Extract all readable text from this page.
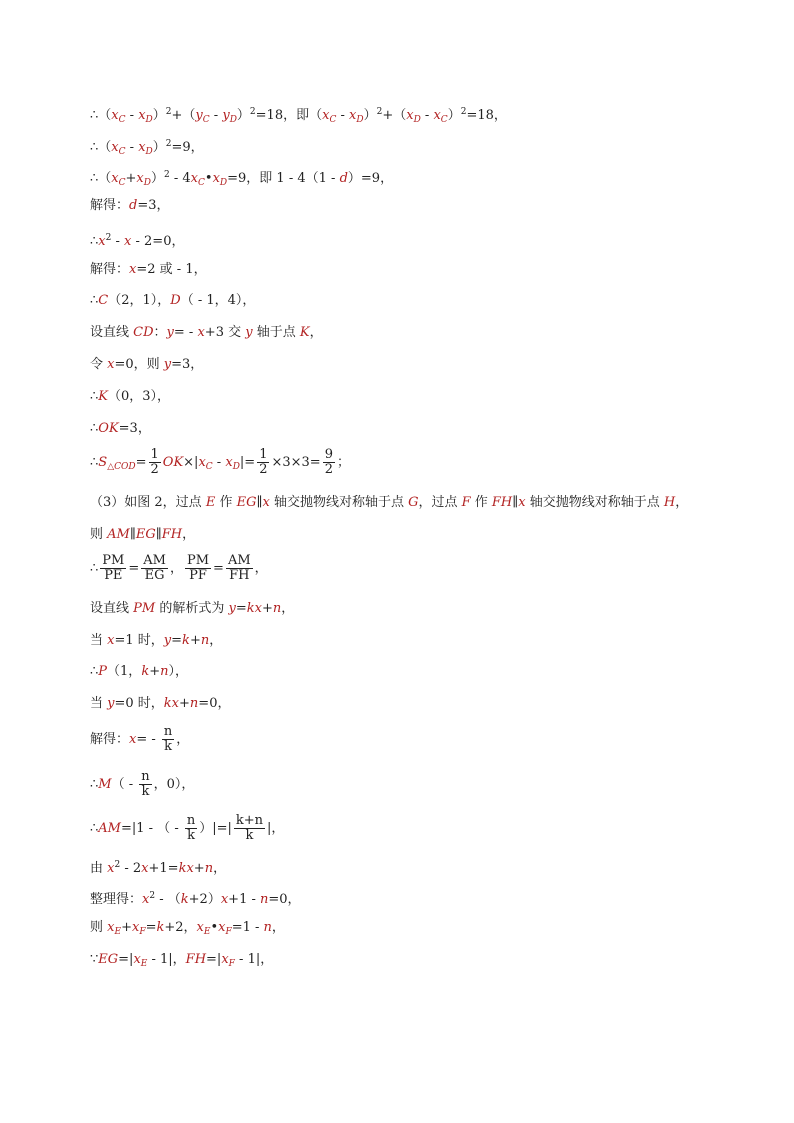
$\therefore(x_C - x_D)^2+(y_C - y_D)^2=18$，即$(x_C - x_D)^2+(x_D - x_C)^2=18$，
$\therefore(x_C - x_D)^2=9$，
$\therefore(x_C+x_D)^2$ - $4x_C•x_D=9$，即 1 - 4（1 - d）=9，
解得：d=3，
$\therefore x^2 - x - 2=0$，
解得：x=2 或 - 1，
∴C（2，1），D（ - 1，4），
设直线 CD：y= - x+3 交 y 轴于点 K，
令 x=0，则 y=3，
∴K（0，3），
∴OK=3，
$\therefore S_{\triangle COD}= \frac{1}{2} OK\times|x_C - x_D|= \frac{1}{2} \times 3\times 3= \frac{9}{2}$ ；
（3）如图 2，过点 E 作 EG∥x 轴交抛物线对称轴于点 G，过点 F 作 FH∥x 轴交抛物线对称轴于点 H，
则 AM∥EG∥FH，
∴ $\frac{PM}{PE} = \frac{AM}{EG}$ ， $\frac{PM}{PF} = \frac{AM}{FH}$ ，
设直线 PM 的解析式为 y=kx+n，
当 x=1 时，y=k+n，
∴P（1，k+n），
当 y=0 时，kx+n=0，
解得：$x= - \frac{n}{k}$ ，
∴M（ - $\frac{n}{k}$ ，0），
∴AM=|1 - （ - $\frac{n}{k}$ ）|=| $\frac{k+n}{k}$ |，
由 $x^2 - 2x+1=kx+n$，
整理得：$x^2 - (k+2)x+1 - n=0$，
则 $x_E+x_F=k+2$，$x_E•x_F=1 - n$，
$\because EG=|x_E - 1|$，$FH=|x_F - 1|$，
